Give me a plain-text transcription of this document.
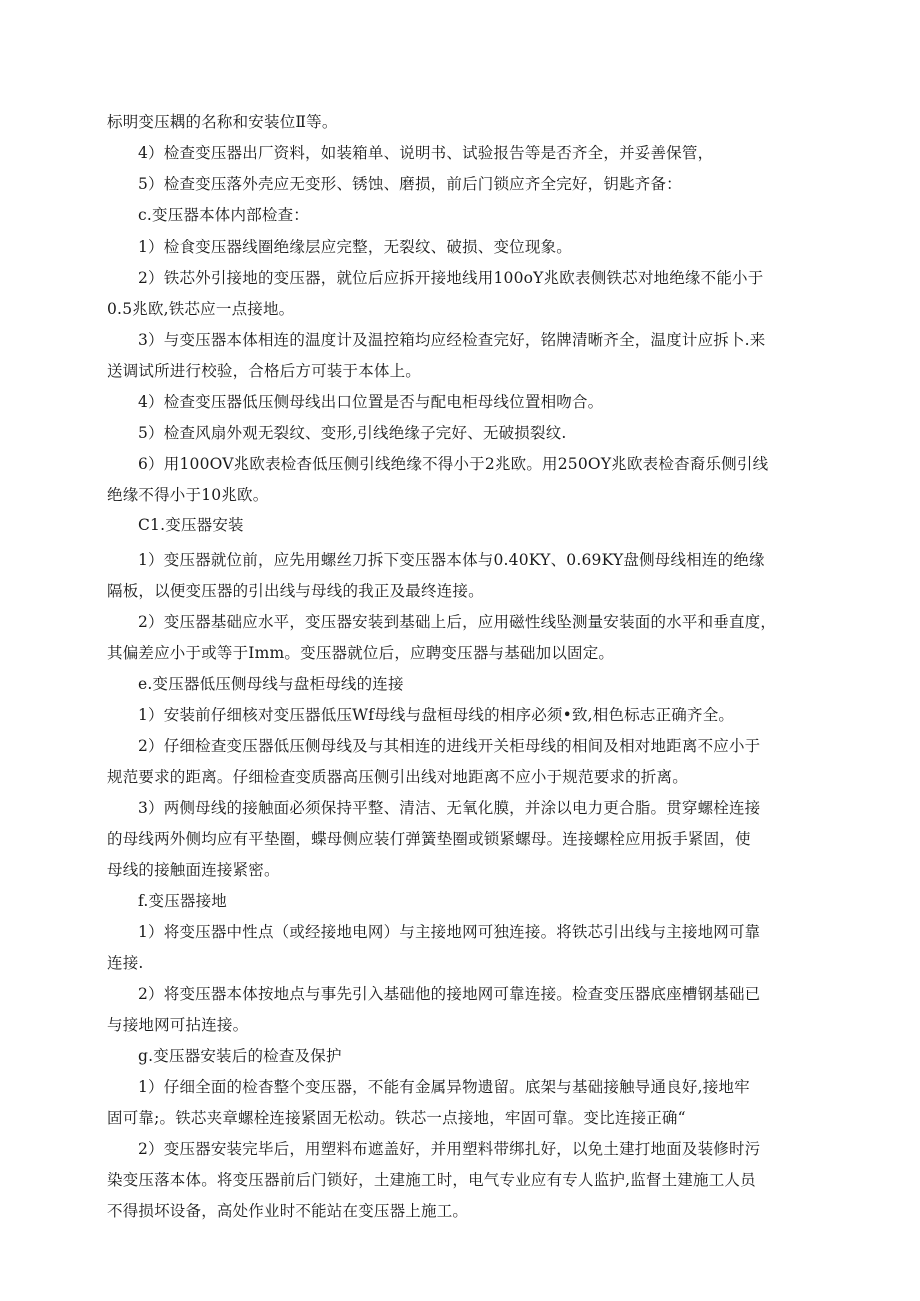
标明变压耦的名称和安装位Ⅱ等。
4）检查变压器出厂资料，如装箱单、说明书、试验报告等是否齐全，并妥善保管，
5）检查变压落外壳应无变形、锈蚀、磨损，前后门锁应齐全完好，钥匙齐备：
c.变压器本体内部检查：
1）检食变压器线圈绝缘层应完整，无裂纹、破损、变位现象。
2）铁芯外引接地的变压器，就位后应拆开接地线用100oY兆欧表侧铁芯对地绝缘不能小于
0.5兆欧,铁芯应一点接地。
3）与变压器本体相连的温度计及温控箱均应经检查完好，铭牌清晰齐全，温度计应拆卜.来
送调试所进行校验，合格后方可装于本体上。
4）检查变压器低压侧母线出口位置是否与配电柜母线位置相吻合。
5）检查风扇外观无裂纹、变形,引线绝缘子完好、无破损裂纹.
6）用100OV兆欧表检杳低压侧引线绝缘不得小于2兆欧。用250OY兆欧表检杳裔乐侧引线
绝缘不得小于10兆欧。
C1.变压器安装
1）变压器就位前，应先用螺丝刀拆下变压器本体与0.40KY、0.69KY盘侧母线相连的绝缘
隔板，以便变压器的引出线与母线的我正及最终连接。
2）变压器基础应水平，变压器安装到基础上后，应用磁性线坠测量安装面的水平和垂直度，
其偏差应小于或等于Imm。变压器就位后，应聘变压器与基础加以固定。
e.变压器低压侧母线与盘柜母线的连接
1）安装前仔细核对变压器低压Wf母线与盘桓母线的相序必须•致,相色标志正确齐全。
2）仔细检查变压器低压侧母线及与其相连的进线开关柜母线的相间及相对地距离不应小于
规范要求的距离。仔细检查变质器高压侧引出线对地距离不应小于规范要求的折离。
3）两侧母线的接触面必须保持平整、清洁、无氧化膜，并涂以电力更合脂。贯穿螺栓连接
的母线两外侧均应有平垫圈，蝶母侧应装仃弹簧垫圈或锁紧螺母。连接螺栓应用扳手紧固，使
母线的接触面连接紧密。
f.变压器接地
1）将变压器中性点（或经接地电网）与主接地网可独连接。将铁芯引出线与主接地网可靠
连接.
2）将变压器本体按地点与事先引入基础他的接地网可靠连接。检查变压器底座槽钢基础已
与接地网可拈连接。
g.变压器安装后的检查及保护
1）仔细全面的检杳整个变压器，不能有金属异物遗留。底架与基础接触导通良好,接地牢
固可靠;。铁芯夹章螺栓连接紧固无松动。铁芯一点接地，牢固可靠。变比连接正确“
2）变压器安装完毕后，用塑料布遮盖好，并用塑料带绑扎好，以免土建打地面及装修时污
染变压落本体。将变压器前后门锁好，土建施工时，电气专业应有专人监护,监督土建施工人员
不得损坏设备，高处作业时不能站在变压器上施工。
